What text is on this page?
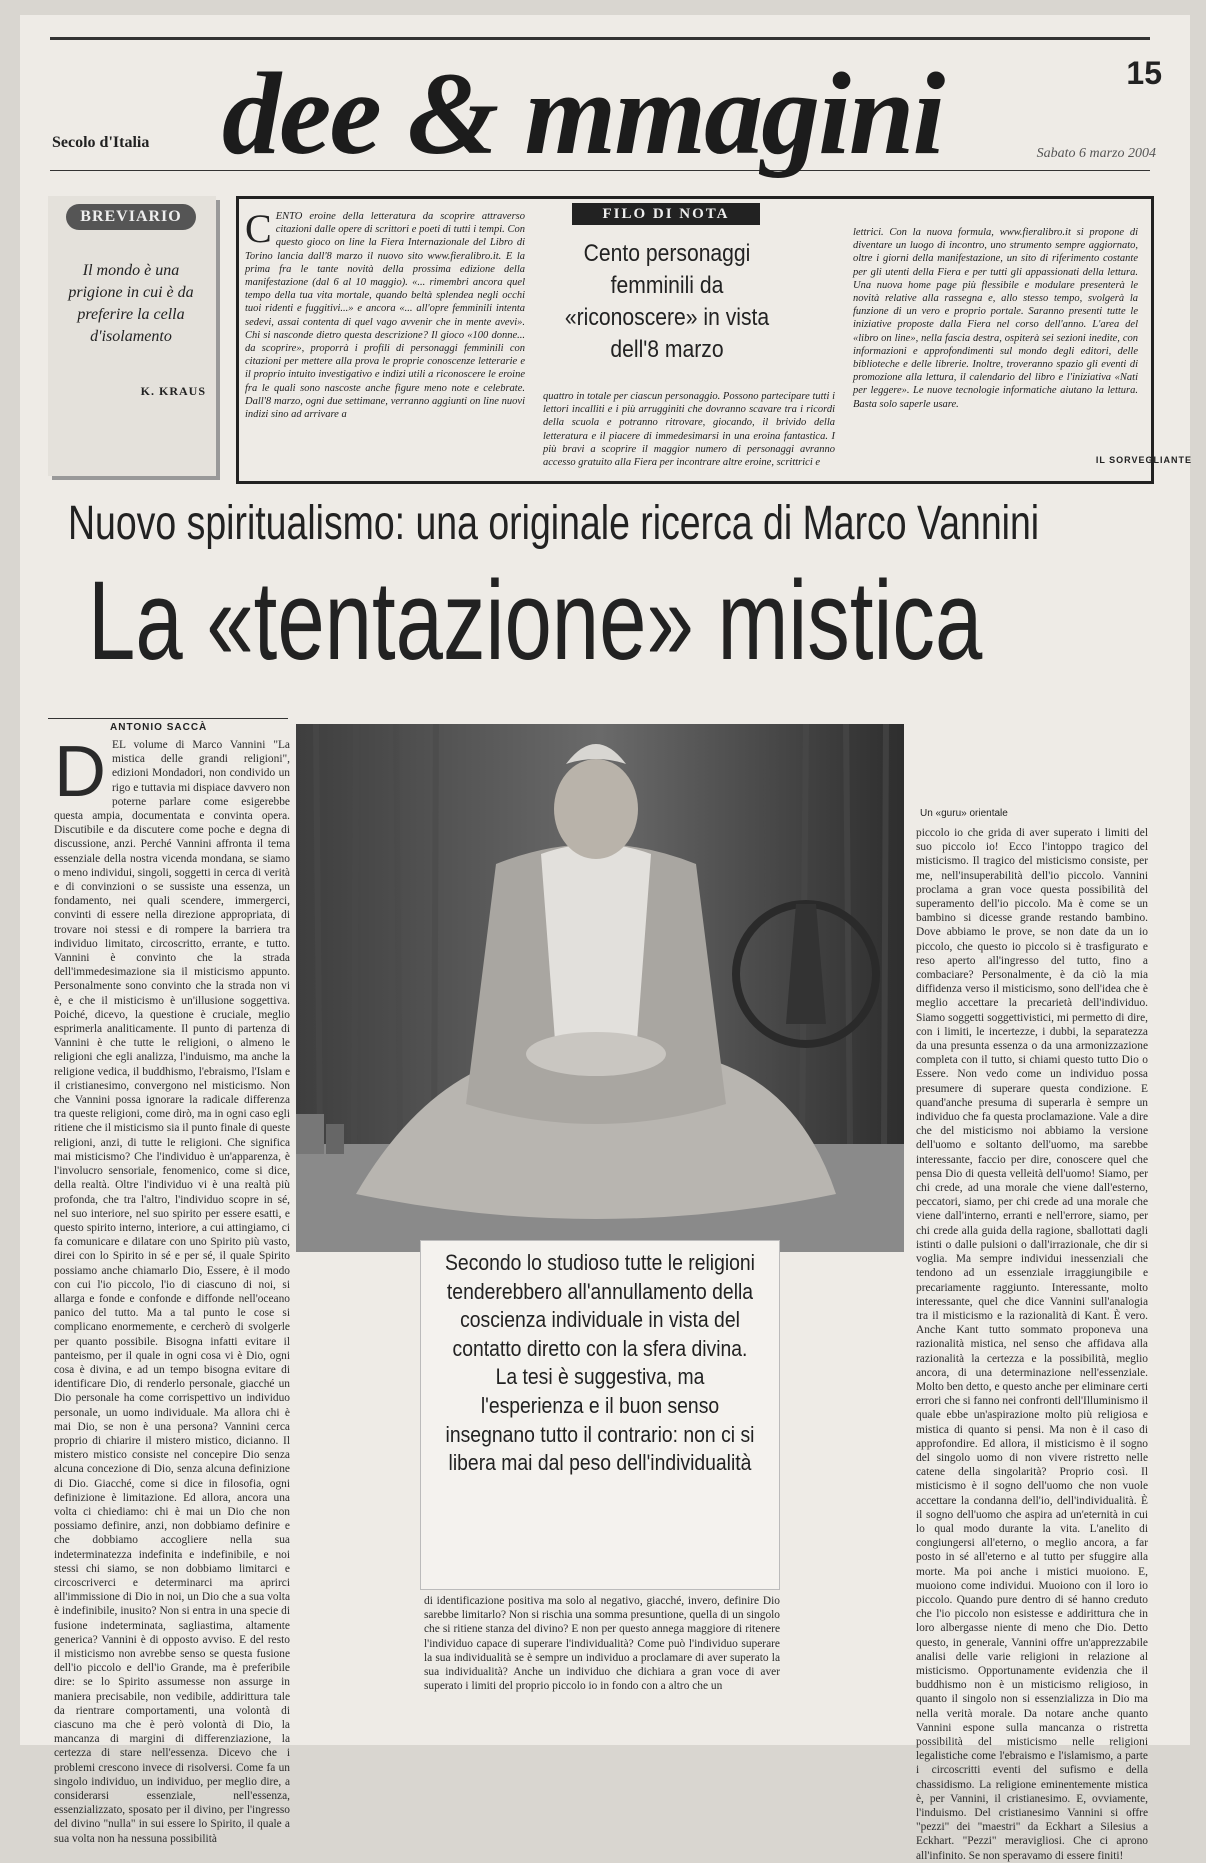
dee & mmagini
Secolo d'Italia
Sabato 6 marzo 2004
15
BREVIARIO
Il mondo è una prigione in cui è da preferire la cella d'isolamento
K. KRAUS
FILO DI NOTA
Cento personaggi femminili da «riconoscere» in vista dell'8 marzo
CENTO eroine della letteratura da scoprire attraverso citazioni dalle opere di scrittori e poeti di tutti i tempi. Con questo gioco on line la Fiera Internazionale del Libro di Torino lancia dall'8 marzo il nuovo sito www.fieralibro.it. E la prima fra le tante novità della prossima edizione della manifestazione (dal 6 al 10 maggio). «... rimembri ancora quel tempo della tua vita mortale, quando beltà splendea negli occhi tuoi ridenti e fuggitivi...» e ancora «... all'opre femminili intenta sedevi, assai contenta di quel vago avvenir che in mente avevi». Chi si nasconde dietro questa descrizione? Il gioco «100 donne... da scoprire», proporrà i profili di personaggi femminili con citazioni per mettere alla prova le proprie conoscenze letterarie e il proprio intuito investigativo e indizi utili a riconoscere le eroine fra le quali sono nascoste anche figure meno note e celebrate. Dall'8 marzo, ogni due settimane, verranno aggiunti on line nuovi indizi sino ad arrivare a
quattro in totale per ciascun personaggio. Possono partecipare tutti i lettori incalliti e i più arrugginiti che dovranno scavare tra i ricordi della scuola e potranno ritrovare, giocando, il brivido della letteratura e il piacere di immedesimarsi in una eroina fantastica. I più bravi a scoprire il maggior numero di personaggi avranno accesso gratuito alla Fiera per incontrare altre eroine, scrittrici e
lettrici. Con la nuova formula, www.fieralibro.it si propone di diventare un luogo di incontro, uno strumento sempre aggiornato, oltre i giorni della manifestazione, un sito di riferimento costante per gli utenti della Fiera e per tutti gli appassionati della lettura. Una nuova home page più flessibile e modulare presenterà le novità relative alla rassegna e, allo stesso tempo, svolgerà la funzione di un vero e proprio portale. Saranno presenti tutte le iniziative proposte dalla Fiera nel corso dell'anno. L'area del «libro on line», nella fascia destra, ospiterà sei sezioni inedite, con informazioni e approfondimenti sul mondo degli editori, delle biblioteche e delle librerie. Inoltre, troveranno spazio gli eventi di promozione alla lettura, il calendario del libro e l'iniziativa «Nati per leggere». Le nuove tecnologie informatiche aiutano la lettura. Basta solo saperle usare.
IL SORVEGLIANTE
Nuovo spiritualismo: una originale ricerca di Marco Vannini
La «tentazione» mistica
ANTONIO SACCÀ
DEL volume di Marco Vannini "La mistica delle grandi religioni", edizioni Mondadori, non condivido un rigo e tuttavia mi dispiace davvero non poterne parlare come esigerebbe questa ampia, documentata e convinta opera. Discutibile e da discutere come poche e degna di discussione, anzi. Perché Vannini affronta il tema essenziale della nostra vicenda mondana, se siamo o meno individui, singoli, soggetti in cerca di verità e di convinzioni o se sussiste una essenza, un fondamento, nei quali scendere, immergerci, convinti di essere nella direzione appropriata, di trovare noi stessi e di rompere la barriera tra individuo limitato, circoscritto, errante, e tutto. Vannini è convinto che la strada dell'immedesimazione sia il misticismo appunto. Personalmente sono convinto che la strada non vi è, e che il misticismo è un'illusione soggettiva. Poiché, dicevo, la questione è cruciale, meglio esprimerla analiticamente. Il punto di partenza di Vannini è che tutte le religioni, o almeno le religioni che egli analizza, l'induismo, ma anche la religione vedica, il buddhismo, l'ebraismo, l'Islam e il cristianesimo, convergono nel misticismo. Non che Vannini possa ignorare la radicale differenza tra queste religioni, come dirò, ma in ogni caso egli ritiene che il misticismo sia il punto finale di queste religioni, anzi, di tutte le religioni. Che significa mai misticismo? Che l'individuo è un'apparenza, è l'involucro sensoriale, fenomenico, come si dice, della realtà. Oltre l'individuo vi è una realtà più profonda, che tra l'altro, l'individuo scopre in sé, nel suo interiore, nel suo spirito per essere esatti, e questo spirito interno, interiore, a cui attingiamo, ci fa comunicare e dilatare con uno Spirito più vasto, direi con lo Spirito in sé e per sé, il quale Spirito possiamo anche chiamarlo Dio, Essere, è il modo con cui l'io piccolo, l'io di ciascuno di noi, si allarga e fonde e confonde e diffonde nell'oceano panico del tutto. Ma a tal punto le cose si complicano enormemente, e cercherò di svolgerle per quanto possibile. Bisogna infatti evitare il panteismo, per il quale in ogni cosa vi è Dio, ogni cosa è divina, e ad un tempo bisogna evitare di identificare Dio, di renderlo personale, giacché un Dio personale ha come corrispettivo un individuo personale, un uomo individuale. Ma allora chi è mai Dio, se non è una persona? Vannini cerca proprio di chiarire il mistero mistico, dicianno. Il mistero mistico consiste nel concepire Dio senza alcuna concezione di Dio, senza alcuna definizione di Dio. Giacché, come si dice in filosofia, ogni definizione è limitazione. Ed allora, ancora una volta ci chiediamo: chi è mai un Dio che non possiamo definire, anzi, non dobbiamo definire e che dobbiamo accogliere nella sua indeterminatezza indefinita e indefinibile, e noi stessi chi siamo, se non dobbiamo limitarci e circoscriverci e determinarci ma aprirci all'immissione di Dio in noi, un Dio che a sua volta è indefinibile, inusito? Non si entra in una specie di fusione indeterminata, sagliastima, altamente generica? Vannini è di opposto avviso. E del resto il misticismo non avrebbe senso se questa fusione dell'io piccolo e dell'io Grande, ma è preferibile dire: se lo Spirito assumesse non assurge in maniera precisabile, non vedibile, addirittura tale da rientrare comportamenti, una volontà di ciascuno ma che è però volontà di Dio, la mancanza di margini di differenziazione, la certezza di stare nell'essenza. Dicevo che i problemi crescono invece di risolversi. Come fa un singolo individuo, un individuo, per meglio dire, a considerarsi essenziale, nell'essenza, essenzializzato, sposato per il divino, per l'ingresso del divino "nulla" in sui essere lo Spirito, il quale a sua volta non ha nessuna possibilità
Un «guru» orientale
piccolo io che grida di aver superato i limiti del suo piccolo io! Ecco l'intoppo tragico del misticismo. Il tragico del misticismo consiste, per me, nell'insuperabilità dell'io piccolo. Vannini proclama a gran voce questa possibilità del superamento dell'io piccolo. Ma è come se un bambino si dicesse grande restando bambino. Dove abbiamo le prove, se non date da un io piccolo, che questo io piccolo si è trasfigurato e reso aperto all'ingresso del tutto, fino a combaciare? Personalmente, è da ciò la mia diffidenza verso il misticismo, sono dell'idea che è meglio accettare la precarietà dell'individuo. Siamo soggetti soggettivistici, mi permetto di dire, con i limiti, le incertezze, i dubbi, la separatezza da una presunta essenza o da una armonizzazione completa con il tutto, si chiami questo tutto Dio o Essere. Non vedo come un individuo possa presumere di superare questa condizione. E quand'anche presuma di superarla è sempre un individuo che fa questa proclamazione. Vale a dire che del misticismo noi abbiamo la versione dell'uomo e soltanto dell'uomo, ma sarebbe interessante, faccio per dire, conoscere quel che pensa Dio di questa velleità dell'uomo! Siamo, per chi crede, ad una morale che viene dall'esterno, peccatori, siamo, per chi crede ad una morale che viene dall'interno, erranti e nell'errore, siamo, per chi crede alla guida della ragione, sballottati dagli istinti o dalle pulsioni o dall'irrazionale, che dir si voglia. Ma sempre individui inessenziali che tendono ad un essenziale irraggiungibile e precariamente raggiunto. Interessante, molto interessante, quel che dice Vannini sull'analogia tra il misticismo e la razionalità di Kant. È vero. Anche Kant tutto sommato proponeva una razionalità mistica, nel senso che affidava alla razionalità la certezza e la possibilità, meglio ancora, di una determinazione nell'essenziale. Molto ben detto, e questo anche per eliminare certi errori che si fanno nei confronti dell'Illuminismo il quale ebbe un'aspirazione molto più religiosa e mistica di quanto si pensi. Ma non è il caso di approfondire. Ed allora, il misticismo è il sogno del singolo uomo di non vivere ristretto nelle catene della singolarità? Proprio così. Il misticismo è il sogno dell'uomo che non vuole accettare la condanna dell'io, dell'individualità. È il sogno dell'uomo che aspira ad un'eternità in cui lo qual modo durante la vita. L'anelito di congiungersi all'eterno, o meglio ancora, a far posto in sé all'eterno e al tutto per sfuggire alla morte. Ma poi anche i mistici muoiono. E, muoiono come individui. Muoiono con il loro io piccolo. Quando pure dentro di sé hanno creduto che l'io piccolo non esistesse e addirittura che in loro albergasse niente di meno che Dio. Detto questo, in generale, Vannini offre un'apprezzabile analisi delle varie religioni in relazione al misticismo. Opportunamente evidenzia che il buddhismo non è un misticismo religioso, in quanto il singolo non si essenzializza in Dio ma nella verità morale. Da notare anche quanto Vannini espone sulla mancanza o ristretta possibilità del misticismo nelle religioni legalistiche come l'ebraismo e l'islamismo, a parte i circoscritti eventi del sufismo e della chassidismo. La religione eminentemente mistica è, per Vannini, il cristianesimo. E, ovviamente, l'induismo. Del cristianesimo Vannini si offre "pezzi" dei "maestri" da Eckhart a Silesius a Eckhart. "Pezzi" meravigliosi. Che ci aprono all'infinito. Se non speravamo di essere finiti!
Secondo lo studioso tutte le religioni tenderebbero all'annullamento della coscienza individuale in vista del contatto diretto con la sfera divina. La tesi è suggestiva, ma l'esperienza e il buon senso insegnano tutto il contrario: non ci si libera mai dal peso dell'individualità
di identificazione positiva ma solo al negativo, giacché, invero, definire Dio sarebbe limitarlo? Non si rischia una somma presuntione, quella di un singolo che si ritiene stanza del divino? E non per questo annega maggiore di ritenere l'individuo capace di superare l'individualità? Come può l'individuo superare la sua individualità se è sempre un individuo a proclamare di aver superato la sua individualità? Anche un individuo che dichiara a gran voce di aver superato i limiti del proprio piccolo io in fondo con a altro che un
